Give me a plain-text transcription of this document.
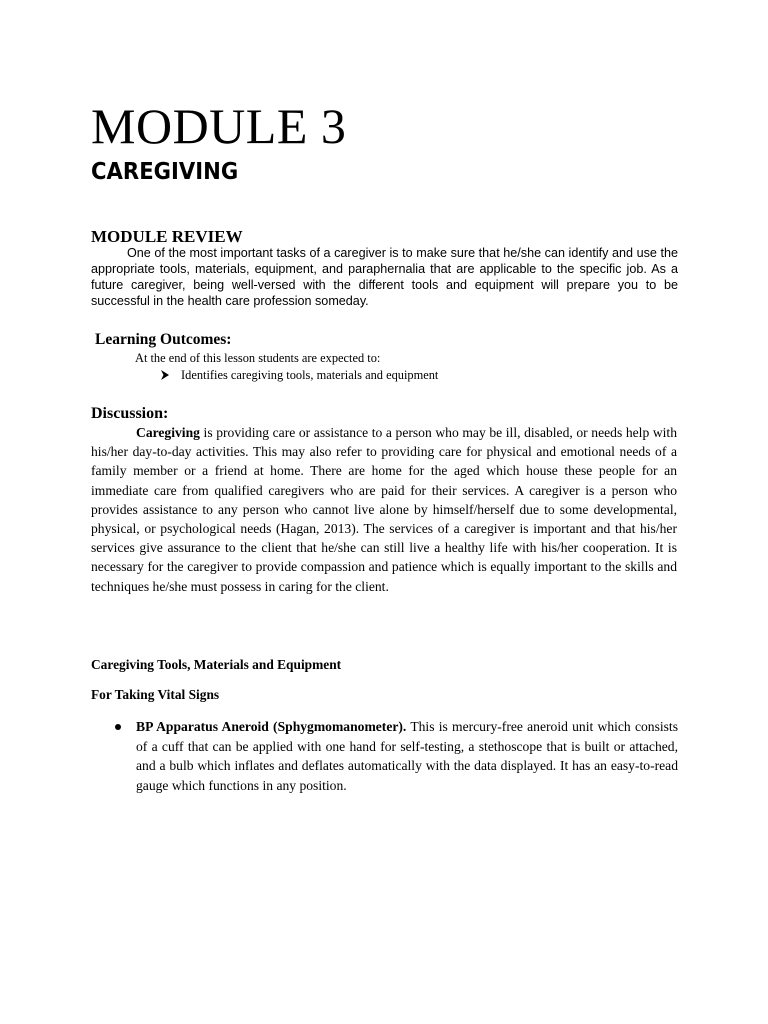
MODULE 3
CAREGIVING
MODULE REVIEW

One of the most important tasks of a caregiver is to make sure that he/she can identify and use the appropriate tools, materials, equipment, and paraphernalia that are applicable to the specific job. As a future caregiver, being well-versed with the different tools and equipment will prepare you to be successful in the health care profession someday.

Learning Outcomes:

At the end of this lesson students are expected to:

Identifies caregiving tools, materials and equipment
Discussion:

Caregiving is providing care or assistance to a person who may be ill, disabled, or needs help with his/her day-to-day activities. This may also refer to providing care for physical and emotional needs of a family member or a friend at home. There are home for the aged which house these people for an immediate care from qualified caregivers who are paid for their services. A caregiver is a person who provides assistance to any person who cannot live alone by himself/herself due to some developmental, physical, or psychological needs (Hagan, 2013). The services of a caregiver is important and that his/her services give assurance to the client that he/she can still live a healthy life with his/her cooperation. It is necessary for the caregiver to provide compassion and patience which is equally important to the skills and techniques he/she must possess in caring for the client.

Caregiving Tools, Materials and Equipment
For Taking Vital Signs

BP Apparatus Aneroid (Sphygmomanometer). This is mercury-free aneroid unit which consists of a cuff that can be applied with one hand for self-testing, a stethoscope that is built or attached, and a bulb which inflates and deflates automatically with the data displayed. It has an easy-to-read gauge which functions in any position.
